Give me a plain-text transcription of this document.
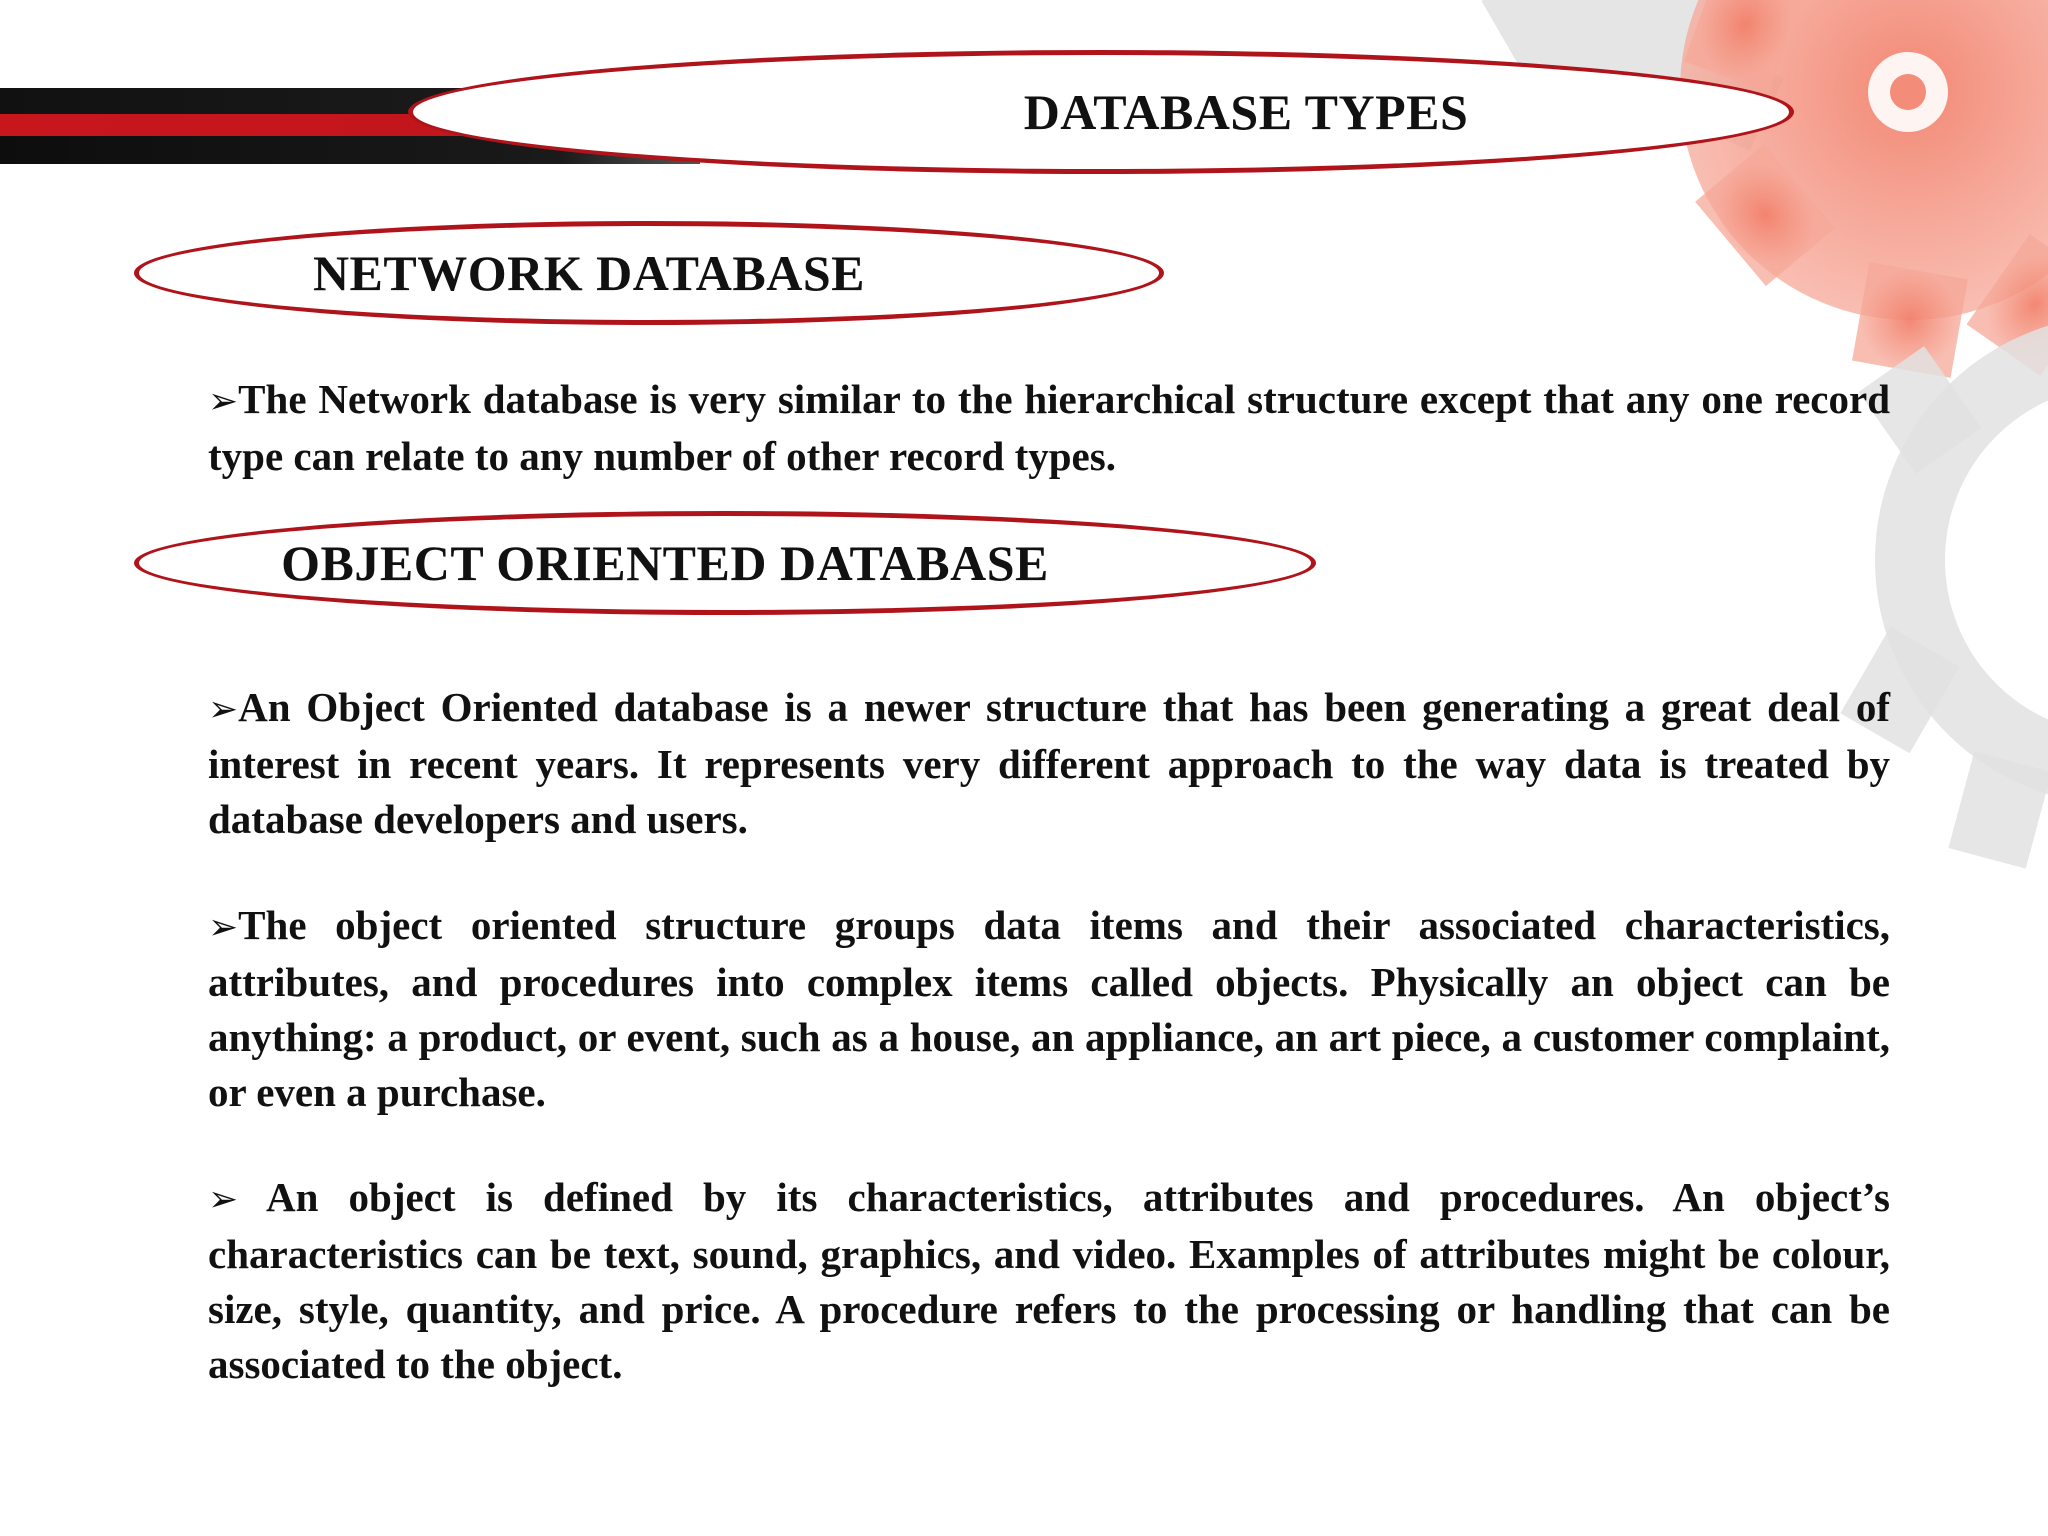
DATABASE TYPES
NETWORK DATABASE

➢The Network database is very similar to the hierarchical structure except that any one record type can relate to any number of other record types.

OBJECT ORIENTED DATABASE

➢An Object Oriented database is a newer structure that has been generating a great deal of interest in recent years. It represents very different approach to the way data is treated by database developers and users.

➢The object oriented structure groups data items and their associated characteristics, attributes, and procedures into complex items called objects. Physically an object can be anything: a product, or event, such as a house, an appliance, an art piece, a customer complaint, or even a purchase.

➢ An object is defined by its characteristics, attributes and procedures. An object’s characteristics can be text, sound, graphics, and video. Examples of attributes might be colour, size, style, quantity, and price. A procedure refers to the processing or handling that can be associated to the object.
